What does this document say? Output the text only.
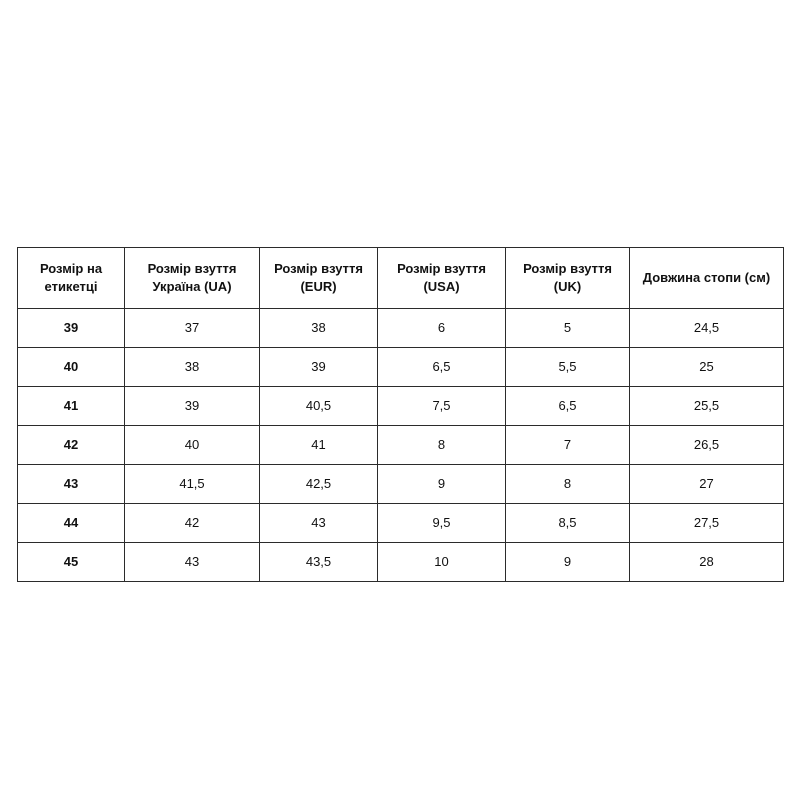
Розмір на етикетці	Розмір взуття Україна (UA)	Розмір взуття (EUR)	Розмір взуття (USA)	Розмір взуття (UK)	Довжина стопи (см)
39	37	38	6	5	24,5
40	38	39	6,5	5,5	25
41	39	40,5	7,5	6,5	25,5
42	40	41	8	7	26,5
43	41,5	42,5	9	8	27
44	42	43	9,5	8,5	27,5
45	43	43,5	10	9	28
